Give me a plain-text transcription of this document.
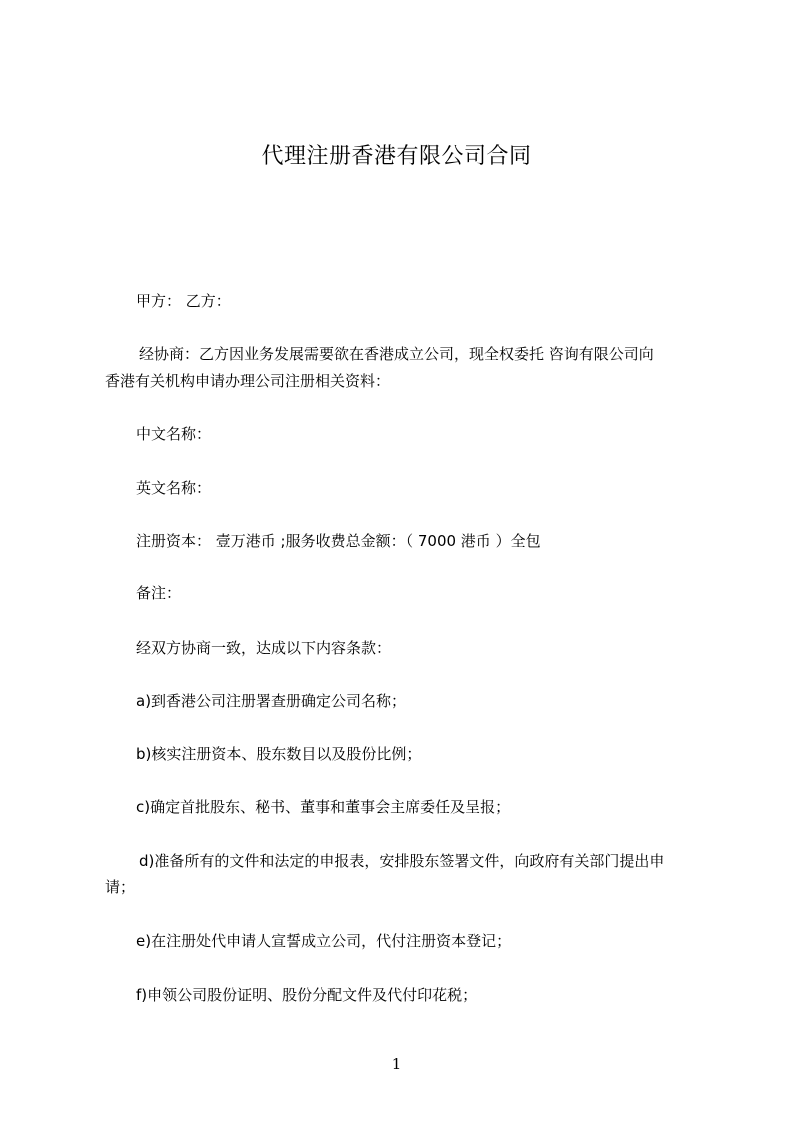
代理注册香港有限公司合同
甲方： 乙方：
经协商：乙方因业务发展需要欲在香港成立公司，现全权委托 咨询有限公司向
香港有关机构申请办理公司注册相关资料：
中文名称：
英文名称：
注册资本： 壹万港币 ;服务收费总金额：（ 7000 港币 ）全包
备注：
经双方协商一致，达成以下内容条款：
a)到香港公司注册署查册确定公司名称；
b)核实注册资本、股东数目以及股份比例；
c)确定首批股东、秘书、董事和董事会主席委任及呈报；
d)准备所有的文件和法定的申报表，安排股东签署文件，向政府有关部门提出申
请；
e)在注册处代申请人宣誓成立公司，代付注册资本登记；
f)申领公司股份证明、股份分配文件及代付印花税；
1
